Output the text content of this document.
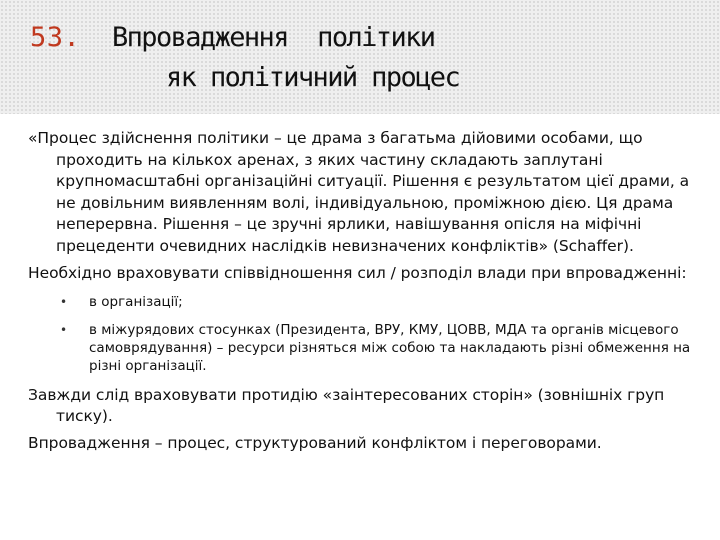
53. Впровадження  політики
як політичний процес

«Процес здійснення політики – це драма з багатьма дійовими особами, що проходить на кількох аренах, з яких частину складають заплутані крупномасштабні організаційні ситуації. Рішення є результатом цієї драми, а не довільним виявленням волі, індивідуальною, проміжною дією. Ця драма неперервна. Рішення – це зручні ярлики, навішування опісля на міфічні прецеденти очевидних наслідків невизначених конфліктів» (Schaffer).

Необхідно враховувати співвідношення сил / розподіл влади при впровадженні:

• в організації;
• в міжурядових стосунках (Президента, ВРУ, КМУ, ЦОВВ, МДА та органів місцевого самоврядування) – ресурси різняться між собою та накладають різні обмеження на різні організації.

Завжди слід враховувати протидію «заінтересованих сторін» (зовнішніх груп тиску).

Впровадження – процес, структурований конфліктом і переговорами.
